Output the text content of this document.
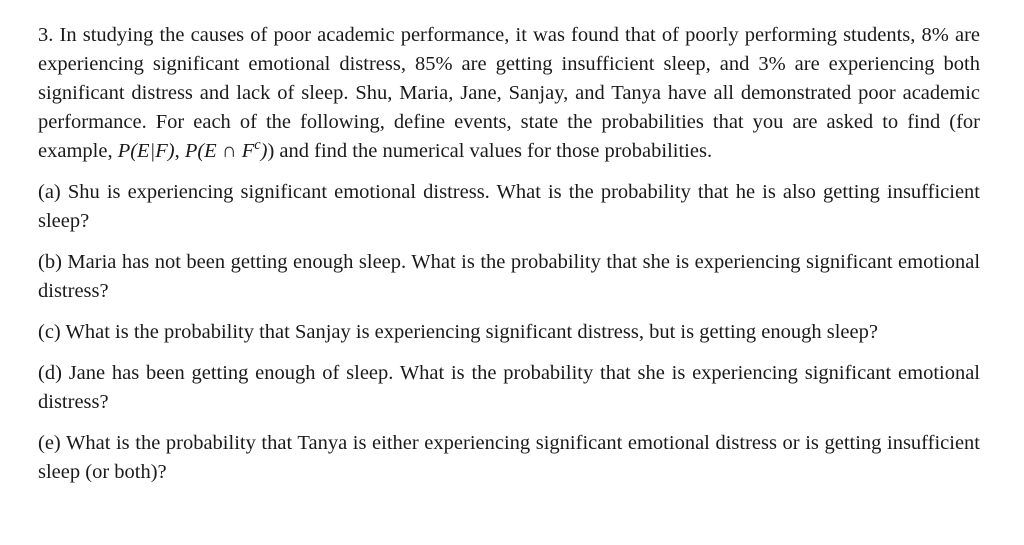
3. In studying the causes of poor academic performance, it was found that of poorly performing students, 8% are experiencing significant emotional distress, 85% are getting insufficient sleep, and 3% are experiencing both significant distress and lack of sleep. Shu, Maria, Jane, Sanjay, and Tanya have all demonstrated poor academic performance. For each of the following, define events, state the probabilities that you are asked to find (for example, P(E|F), P(E ∩ $F^c$)) and find the numerical values for those probabilities.

(a) Shu is experiencing significant emotional distress. What is the probability that he is also getting insufficient sleep?

(b) Maria has not been getting enough sleep. What is the probability that she is experiencing significant emotional distress?

(c) What is the probability that Sanjay is experiencing significant distress, but is getting enough sleep?

(d) Jane has been getting enough of sleep. What is the probability that she is experiencing significant emotional distress?

(e) What is the probability that Tanya is either experiencing significant emotional distress or is getting insufficient sleep (or both)?
